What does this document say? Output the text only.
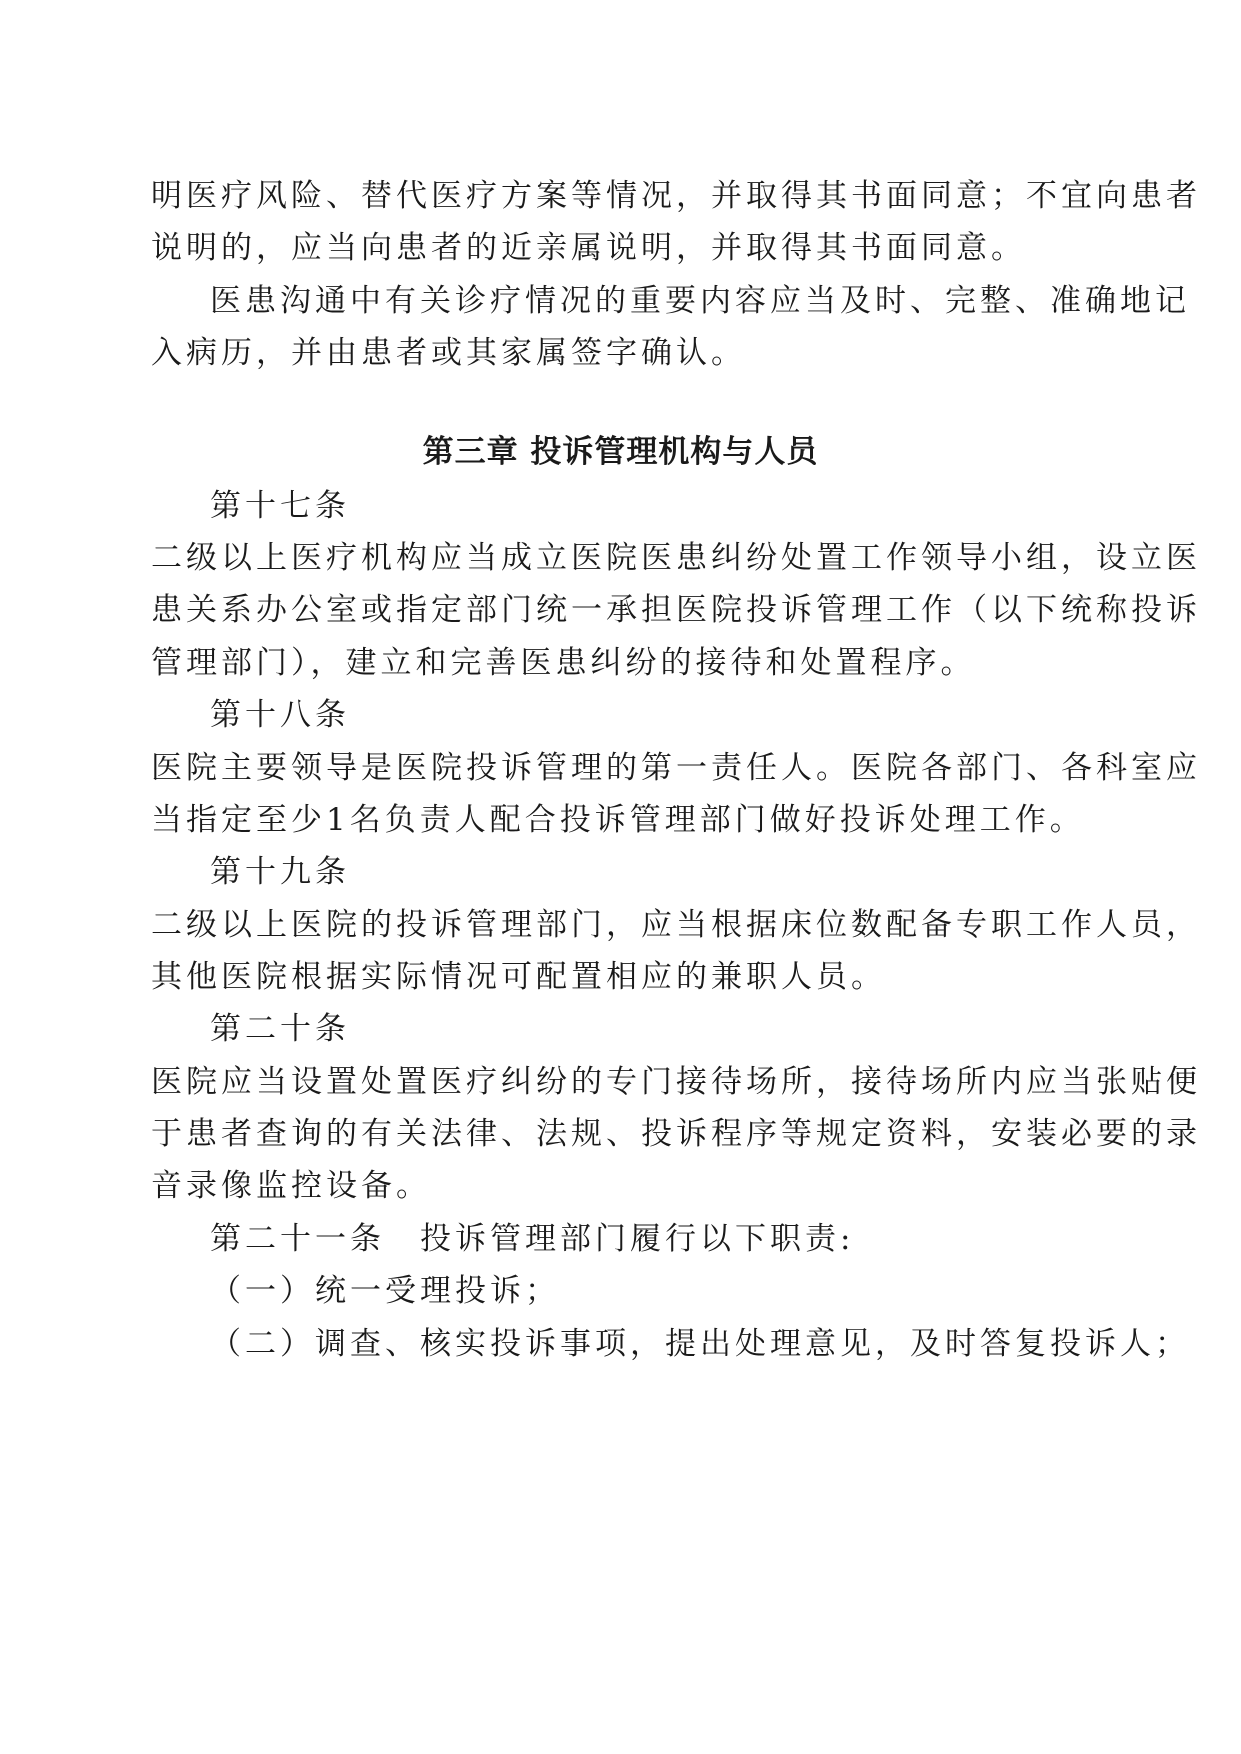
明医疗风险、替代医疗方案等情况，并取得其书面同意；不宜向患者
说明的，应当向患者的近亲属说明，并取得其书面同意。
医患沟通中有关诊疗情况的重要内容应当及时、完整、准确地记
入病历，并由患者或其家属签字确认。
第三章 投诉管理机构与人员
第十七条
二级以上医疗机构应当成立医院医患纠纷处置工作领导小组，设立医
患关系办公室或指定部门统一承担医院投诉管理工作（以下统称投诉
管理部门），建立和完善医患纠纷的接待和处置程序。
第十八条
医院主要领导是医院投诉管理的第一责任人。医院各部门、各科室应
当指定至少1名负责人配合投诉管理部门做好投诉处理工作。
第十九条
二级以上医院的投诉管理部门，应当根据床位数配备专职工作人员，
其他医院根据实际情况可配置相应的兼职人员。
第二十条
医院应当设置处置医疗纠纷的专门接待场所，接待场所内应当张贴便
于患者查询的有关法律、法规、投诉程序等规定资料，安装必要的录
音录像监控设备。
第二十一条　投诉管理部门履行以下职责:
（一）统一受理投诉；
（二）调查、核实投诉事项，提出处理意见，及时答复投诉人；
